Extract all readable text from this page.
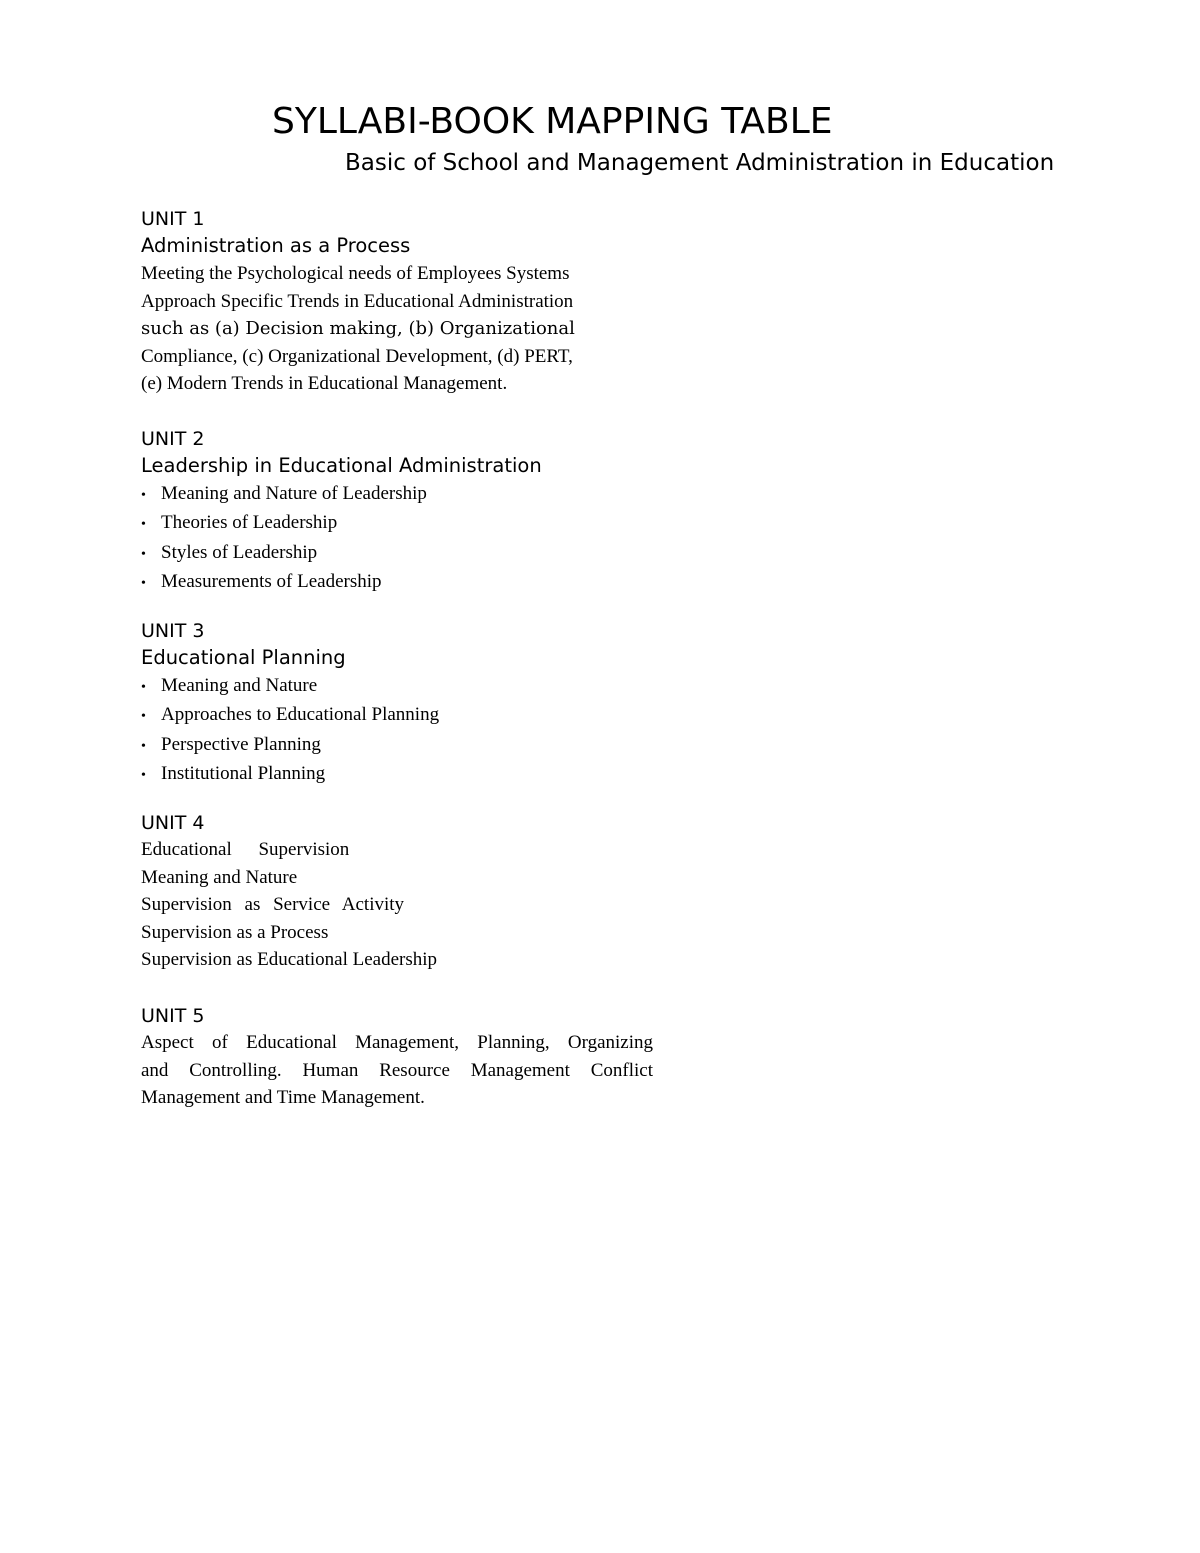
SYLLABI-BOOK MAPPING TABLE
Basic of School and Management Administration in Education

UNIT 1

Administration as a Process

Meeting the Psychological needs of Employees Systems

Approach Specific Trends in Educational Administration

such as (a) Decision making, (b) Organizational

Compliance, (c) Organizational Development, (d) PERT,

(e) Modern Trends in Educational Management.

UNIT 2

Leadership in Educational Administration

• Meaning and Nature of Leadership
• Theories of Leadership
• Styles of Leadership
• Measurements of Leadership

UNIT 3

Educational Planning

• Meaning and Nature
• Approaches to Educational Planning
• Perspective Planning
• Institutional Planning

UNIT 4

Educational Supervision

Meaning and Nature

Supervision as Service Activity

Supervision as a Process

Supervision as Educational Leadership

UNIT 5

Aspect of Educational Management, Planning, Organizing

and Controlling. Human Resource Management Conflict

Management and Time Management.
